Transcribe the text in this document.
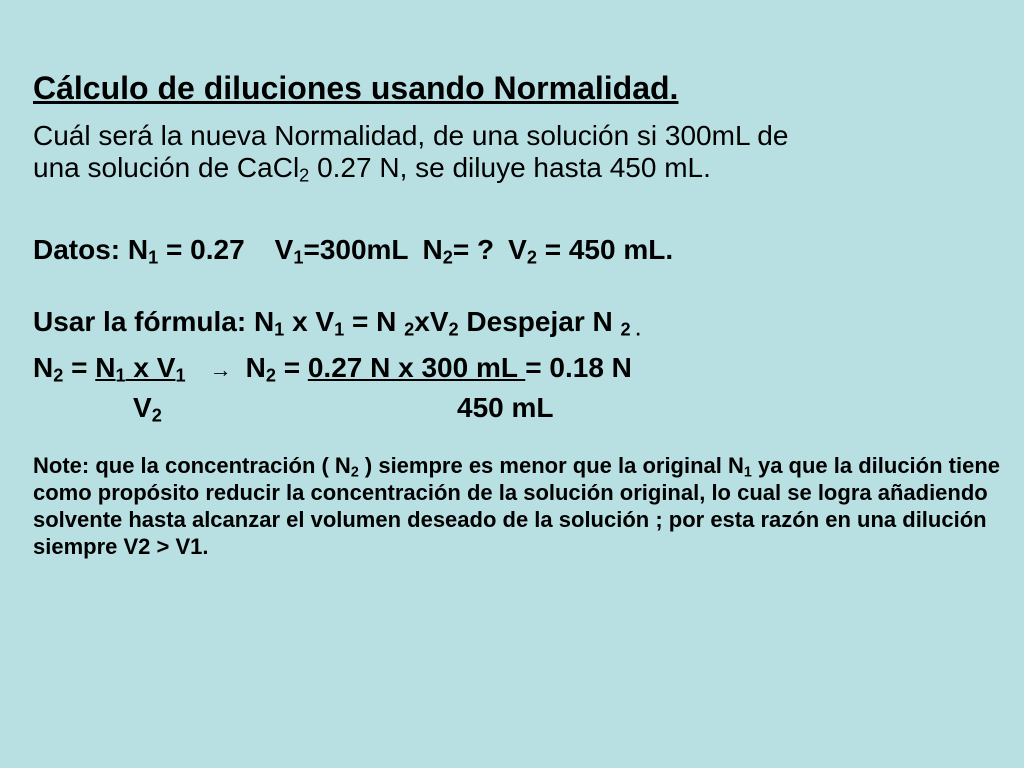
Cálculo de diluciones usando Normalidad.
Cuál será la nueva Normalidad, de una solución si 300mL de
una solución de CaCl$_2$ 0.27 N, se diluye hasta 450 mL.
Datos: $N_1 = 0.27$ $V_1=300mL$ $N_2=$ ? $V_2 = 450$ mL.
Usar la fórmula: $N_1$ x $V_1 = N$ $_2xV_2$ Despejar N $_{2 .}$
$N_2 = N_1$ x $V_1 \to N_2 = 0.27$ N x 300 mL = 0.18 N
$V_2$	450 mL
Note: que la concentración ( $N_2$ ) siempre es menor que la original $N_1$ ya que la dilución tiene como propósito reducir la concentración de la solución original, lo cual se logra añadiendo solvente hasta alcanzar el volumen deseado de la solución ; por esta razón en una dilución siempre V2 > V1.
